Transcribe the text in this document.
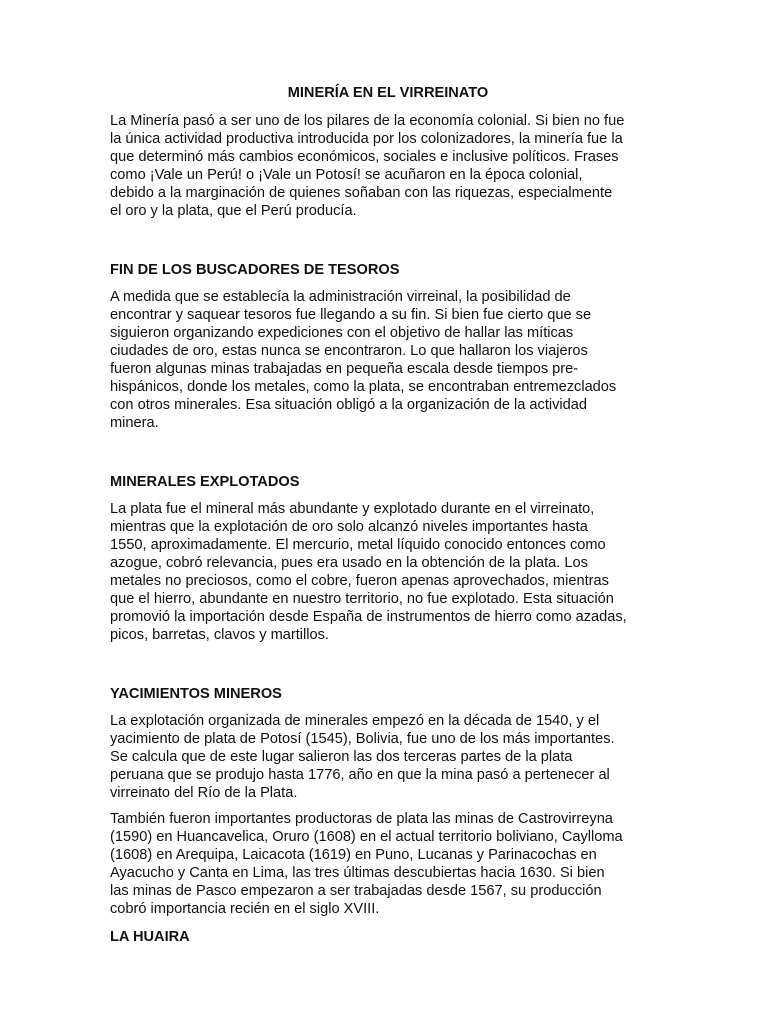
MINERÍA EN EL VIRREINATO

La Minería pasó a ser uno de los pilares de la economía colonial. Si bien no fue
la única actividad productiva introducida por los colonizadores, la minería fue la
que determinó más cambios económicos, sociales e inclusive políticos. Frases
como ¡Vale un Perú! o ¡Vale un Potosí! se acuñaron en la época colonial,
debido a la marginación de quienes soñaban con las riquezas, especialmente
el oro y la plata, que el Perú producía.

FIN DE LOS BUSCADORES DE TESOROS

A medida que se establecía la administración virreinal, la posibilidad de
encontrar y saquear tesoros fue llegando a su fin. Si bien fue cierto que se
siguieron organizando expediciones con el objetivo de hallar las míticas
ciudades de oro, estas nunca se encontraron. Lo que hallaron los viajeros
fueron algunas minas trabajadas en pequeña escala desde tiempos pre-
hispánicos, donde los metales, como la plata, se encontraban entremezclados
con otros minerales. Esa situación obligó a la organización de la actividad
minera.

MINERALES EXPLOTADOS

La plata fue el mineral más abundante y explotado durante en el virreinato,
mientras que la explotación de oro solo alcanzó niveles importantes hasta
1550, aproximadamente. El mercurio, metal líquido conocido entonces como
azogue, cobró relevancia, pues era usado en la obtención de la plata. Los
metales no preciosos, como el cobre, fueron apenas aprovechados, mientras
que el hierro, abundante en nuestro territorio, no fue explotado. Esta situación
promovió la importación desde España de instrumentos de hierro como azadas,
picos, barretas, clavos y martillos.

YACIMIENTOS MINEROS

La explotación organizada de minerales empezó en la década de 1540, y el
yacimiento de plata de Potosí (1545), Bolivia, fue uno de los más importantes.
Se calcula que de este lugar salieron las dos terceras partes de la plata
peruana que se produjo hasta 1776, año en que la mina pasó a pertenecer al
virreinato del Río de la Plata.

También fueron importantes productoras de plata las minas de Castrovirreyna
(1590) en Huancavelica, Oruro (1608) en el actual territorio boliviano, Caylloma
(1608) en Arequipa, Laicacota (1619) en Puno, Lucanas y Parinacochas en
Ayacucho y Canta en Lima, las tres últimas descubiertas hacia 1630. Si bien
las minas de Pasco empezaron a ser trabajadas desde 1567, su producción
cobró importancia recién en el siglo XVIII.

LA HUAIRA
